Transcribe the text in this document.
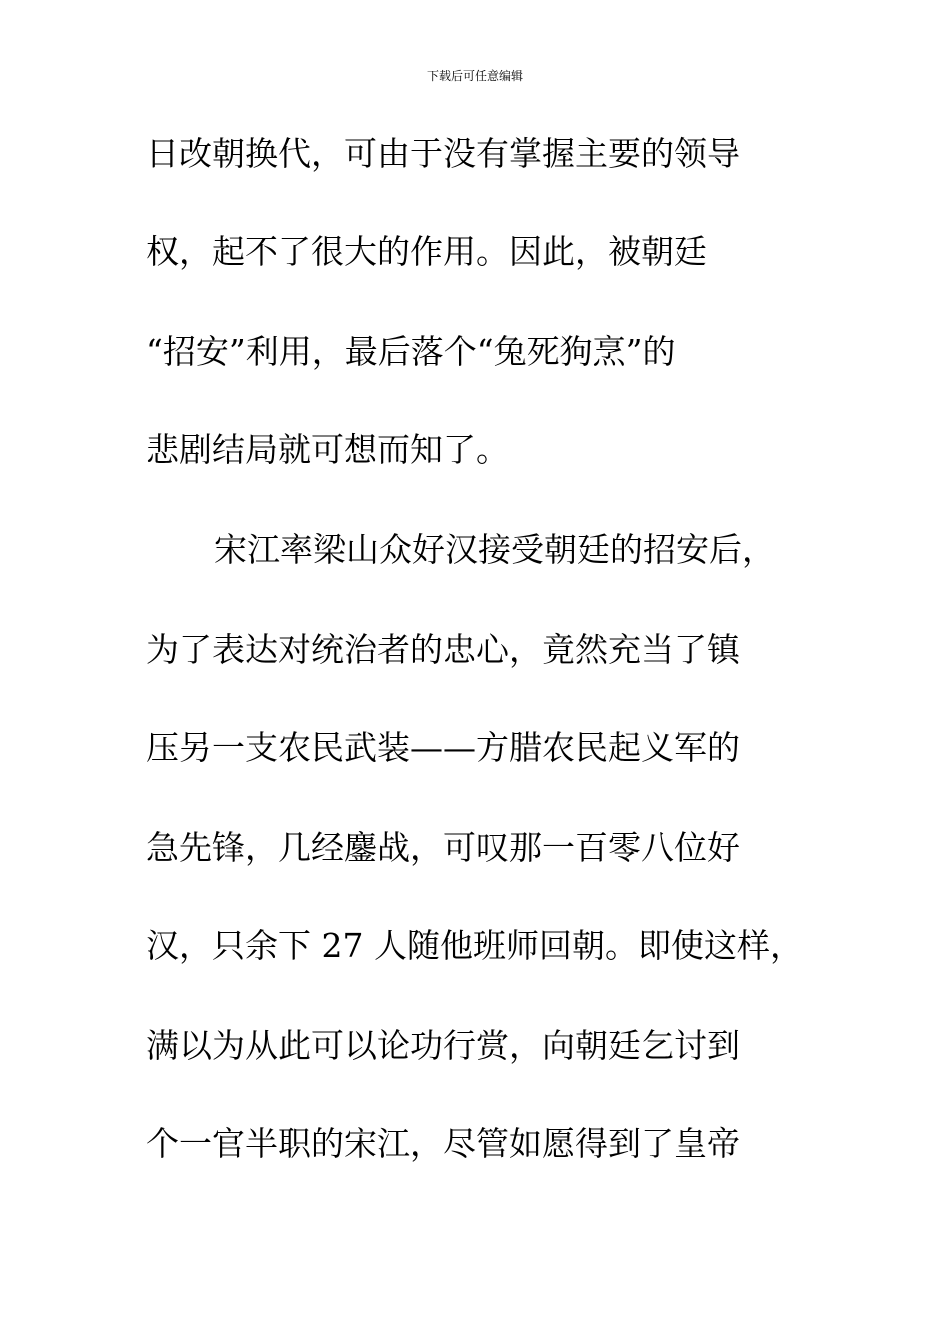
下载后可任意编辑
日改朝换代，可由于没有掌握主要的领导
权，起不了很大的作用。因此，被朝廷
“招安”利用，最后落个“兔死狗烹”的
悲剧结局就可想而知了。
宋江率梁山众好汉接受朝廷的招安后，
为了表达对统治者的忠心，竟然充当了镇
压另一支农民武装——方腊农民起义军的
急先锋，几经鏖战，可叹那一百零八位好
汉，只余下 27 人随他班师回朝。即使这样，
满以为从此可以论功行赏，向朝廷乞讨到
个一官半职的宋江，尽管如愿得到了皇帝
